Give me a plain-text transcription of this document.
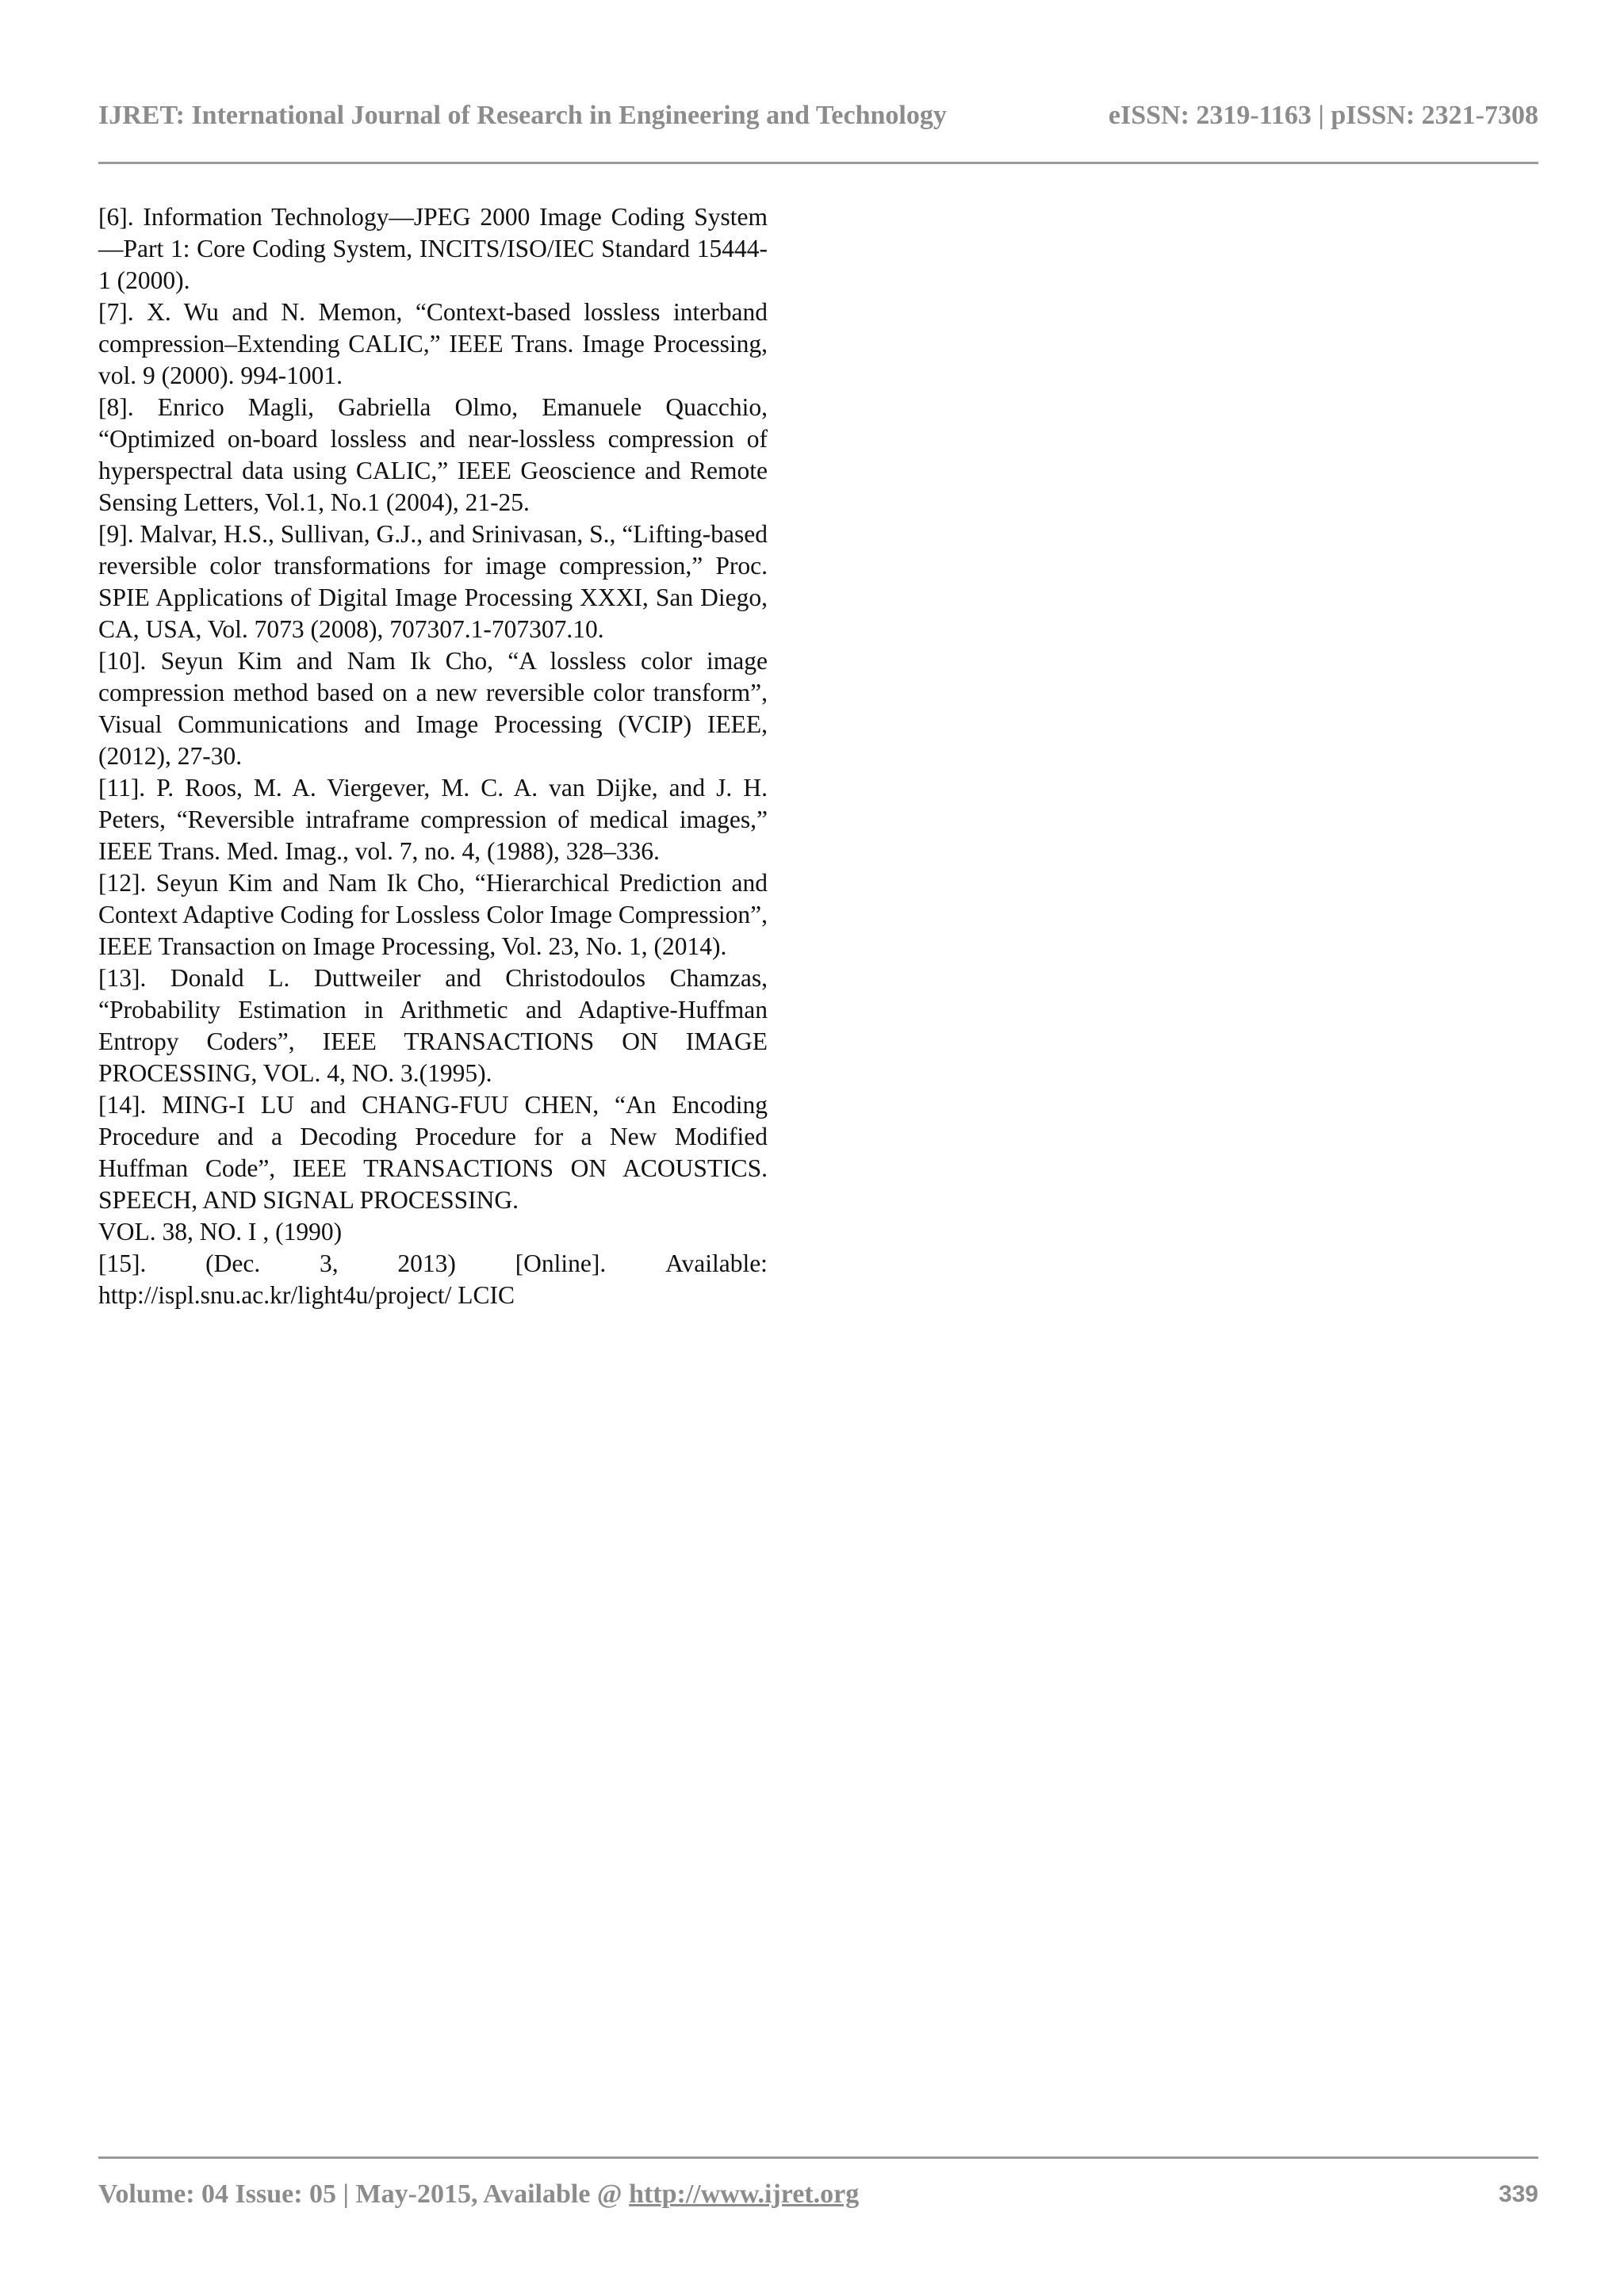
IJRET: International Journal of Research in Engineering and Technology	eISSN: 2319-1163 | pISSN: 2321-7308
[6]. Information Technology—JPEG 2000 Image Coding System—Part 1: Core Coding System, INCITS/ISO/IEC Standard 15444-1 (2000).
[7]. X. Wu and N. Memon, “Context-based lossless interband compression–Extending CALIC,” IEEE Trans. Image Processing, vol. 9 (2000). 994-1001.
[8]. Enrico Magli, Gabriella Olmo, Emanuele Quacchio, “Optimized on-board lossless and near-lossless compression of hyperspectral data using CALIC,” IEEE Geoscience and Remote Sensing Letters, Vol.1, No.1 (2004), 21-25.
[9]. Malvar, H.S., Sullivan, G.J., and Srinivasan, S., “Lifting-based reversible color transformations for image compression,” Proc. SPIE Applications of Digital Image Processing XXXI, San Diego, CA, USA, Vol. 7073 (2008), 707307.1-707307.10.
[10]. Seyun Kim and Nam Ik Cho, “A lossless color image compression method based on a new reversible color transform”, Visual Communications and Image Processing (VCIP) IEEE, (2012), 27-30.
[11]. P. Roos, M. A. Viergever, M. C. A. van Dijke, and J. H. Peters, “Reversible intraframe compression of medical images,” IEEE Trans. Med. Imag., vol. 7, no. 4, (1988), 328–336.
[12]. Seyun Kim and Nam Ik Cho, “Hierarchical Prediction and Context Adaptive Coding for Lossless Color Image Compression”, IEEE Transaction on Image Processing, Vol. 23, No. 1, (2014).
[13]. Donald L. Duttweiler and Christodoulos Chamzas, “Probability Estimation in Arithmetic and Adaptive-Huffman Entropy Coders”, IEEE TRANSACTIONS ON IMAGE PROCESSING, VOL. 4, NO. 3.(1995).
[14]. MING-I LU and CHANG-FUU CHEN, “An Encoding Procedure and a Decoding Procedure for a New Modified Huffman Code”, IEEE TRANSACTIONS ON ACOUSTICS. SPEECH, AND SIGNAL PROCESSING.
VOL. 38, NO. I , (1990)
[15]. (Dec. 3, 2013) [Online]. Available:
http://ispl.snu.ac.kr/light4u/project/ LCIC
Volume: 04 Issue: 05 | May-2015, Available @ http://www.ijret.org	339
